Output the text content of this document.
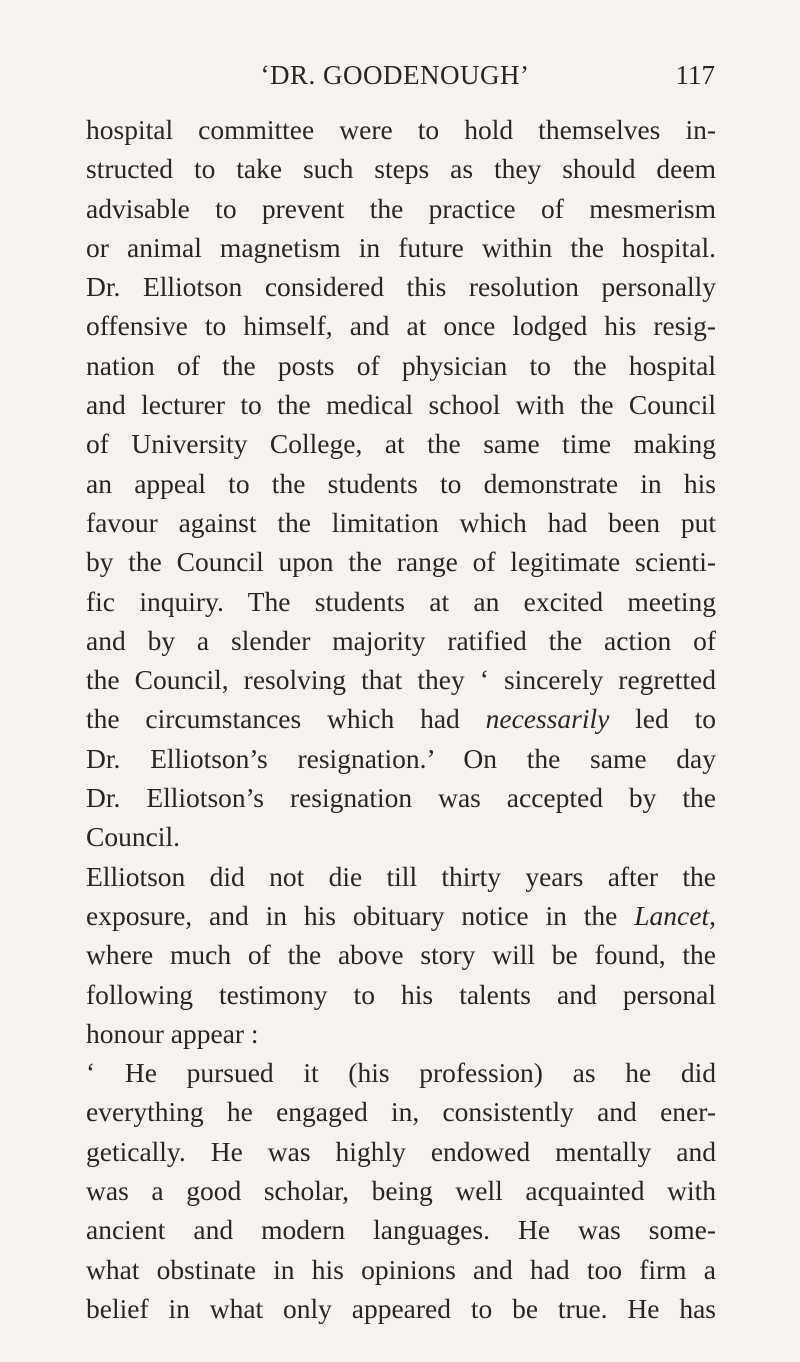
‘DR. GOODENOUGH’	117
hospital committee were to hold themselves in-
structed to take such steps as they should deem
advisable to prevent the practice of mesmerism
or animal magnetism in future within the hospital.
Dr. Elliotson considered this resolution personally
offensive to himself, and at once lodged his resig-
nation of the posts of physician to the hospital
and lecturer to the medical school with the Council
of University College, at the same time making
an appeal to the students to demonstrate in his
favour against the limitation which had been put
by the Council upon the range of legitimate scienti-
fic inquiry. The students at an excited meeting
and by a slender majority ratified the action of
the Council, resolving that they ‘ sincerely regretted
the circumstances which had necessarily led to
Dr. Elliotson’s resignation.’ On the same day
Dr. Elliotson’s resignation was accepted by the
Council.
Elliotson did not die till thirty years after the
exposure, and in his obituary notice in the Lancet,
where much of the above story will be found, the
following testimony to his talents and personal
honour appear :
‘ He pursued it (his profession) as he did
everything he engaged in, consistently and ener-
getically. He was highly endowed mentally and
was a good scholar, being well acquainted with
ancient and modern languages. He was some-
what obstinate in his opinions and had too firm a
belief in what only appeared to be true. He has
